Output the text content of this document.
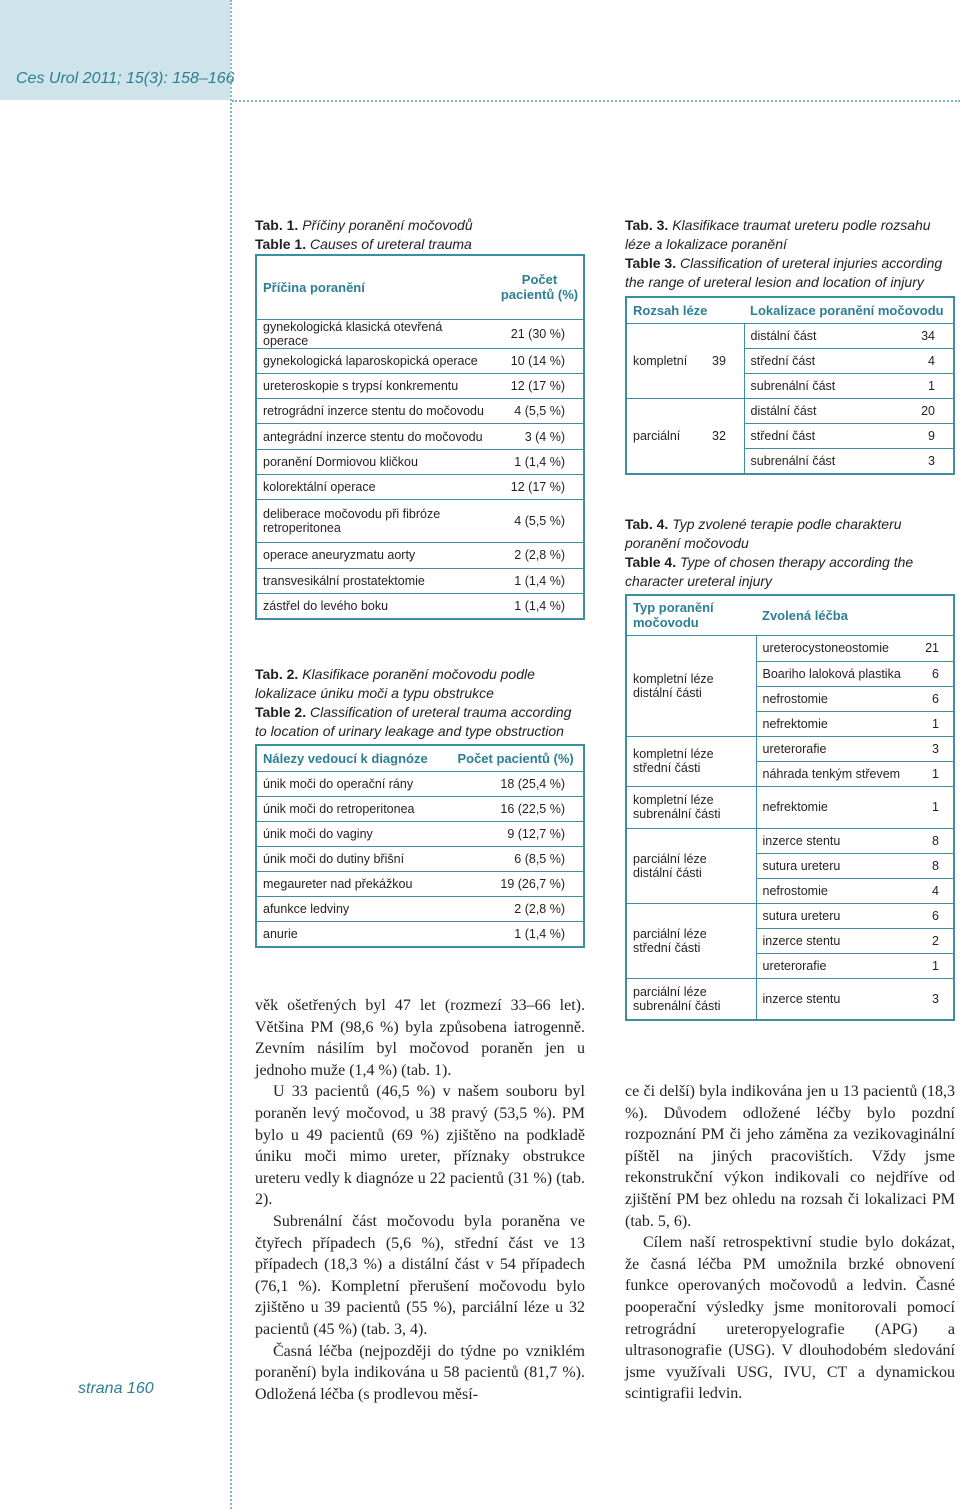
Ces Urol 2011; 15(3): 158–166
strana 160
Tab. 1. Příčiny poranění močovodů
Table 1. Causes of ureteral trauma
Příčina poranění	Počet pacientů (%)
gynekologická klasická otevřená operace	21 (30 %)
gynekologická laparoskopická operace	10 (14 %)
ureteroskopie s trypsí konkrementu	12 (17 %)
retrográdní inzerce stentu do močovodu	4 (5,5 %)
antegrádní inzerce stentu do močovodu	3 (4 %)
poranění Dormiovou kličkou	1 (1,4 %)
kolorektální operace	12 (17 %)
deliberace močovodu při fibróze retroperitonea	4 (5,5 %)
operace aneuryzmatu aorty	2 (2,8 %)
transvesikální prostatektomie	1 (1,4 %)
zástřel do levého boku	1 (1,4 %)
Tab. 2. Klasifikace poranění močovodu podle lokalizace úniku moči a typu obstrukce
Table 2. Classification of ureteral trauma according to location of urinary leakage and type obstruction
Nálezy vedoucí k diagnóze	Počet pacientů (%)
únik moči do operační rány	18 (25,4 %)
únik moči do retroperitonea	16 (22,5 %)
únik moči do vaginy	9 (12,7 %)
únik moči do dutiny břišní	6 (8,5 %)
megaureter nad překážkou	19 (26,7 %)
afunkce ledviny	2 (2,8 %)
anurie	1 (1,4 %)
Tab. 3. Klasifikace traumat ureteru podle rozsahu léze a lokalizace poranění
Table 3. Classification of ureteral injuries according the range of ureteral lesion and location of injury
Rozsah léze		Lokalizace poranění močovodu	
kompletní	39	distální část	34
		střední část	4
		subrenální část	1
parciální	32	distální část	20
		střední část	9
		subrenální část	3
Tab. 4. Typ zvolené terapie podle charakteru poranění močovodu
Table 4. Type of chosen therapy according the character ureteral injury
Typ poranění močovodu	Zvolená léčba	
kompletní léze distální části	ureterocystoneostomie	21
	Boariho laloková plastika	6
	nefrostomie	6
	nefrektomie	1
kompletní léze střední části	ureterorafie	3
	náhrada tenkým střevem	1
kompletní léze subrenální části	nefrektomie	1
parciální léze distální části	inzerce stentu	8
	sutura ureteru	8
	nefrostomie	4
parciální léze střední části	sutura ureteru	6
	inzerce stentu	2
	ureterorafie	1
parciální léze subrenální části	inzerce stentu	3

věk ošetřených byl 47 let (rozmezí 33–66 let). Většina PM (98,6 %) byla způsobena iatrogenně. Zevním násilím byl močovod poraněn jen u jednoho muže (1,4 %) (tab. 1).

U 33 pacientů (46,5 %) v našem souboru byl poraněn levý močovod, u 38 pravý (53,5 %). PM bylo u 49 pacientů (69 %) zjištěno na podkladě úniku moči mimo ureter, příznaky obstrukce ureteru vedly k diagnóze u 22 pacientů (31 %) (tab. 2).

Subrenální část močovodu byla poraněna ve čtyřech případech (5,6 %), střední část ve 13 případech (18,3 %) a distální část v 54 případech (76,1 %). Kompletní přerušení močovodu bylo zjištěno u 39 pacientů (55 %), parciální léze u 32 pacientů (45 %) (tab. 3, 4).

Časná léčba (nejpozději do týdne po vzniklém poranění) byla indikována u 58 pacientů (81,7 %). Odložená léčba (s prodlevou měsí-

ce či delší) byla indikována jen u 13 pacientů (18,3 %). Důvodem odložené léčby bylo pozdní rozpoznání PM či jeho záměna za vezikovaginální píštěl na jiných pracovištích. Vždy jsme rekonstrukční výkon indikovali co nejdříve od zjištění PM bez ohledu na rozsah či lokalizaci PM (tab. 5, 6).

Cílem naší retrospektivní studie bylo dokázat, že časná léčba PM umožnila brzké obnovení funkce operovaných močovodů a ledvin. Časné pooperační výsledky jsme monitorovali pomocí retrográdní ureteropyelografie (APG) a ultrasonografie (USG). V dlouhodobém sledování jsme využívali USG, IVU, CT a dynamickou scintigrafii ledvin.
